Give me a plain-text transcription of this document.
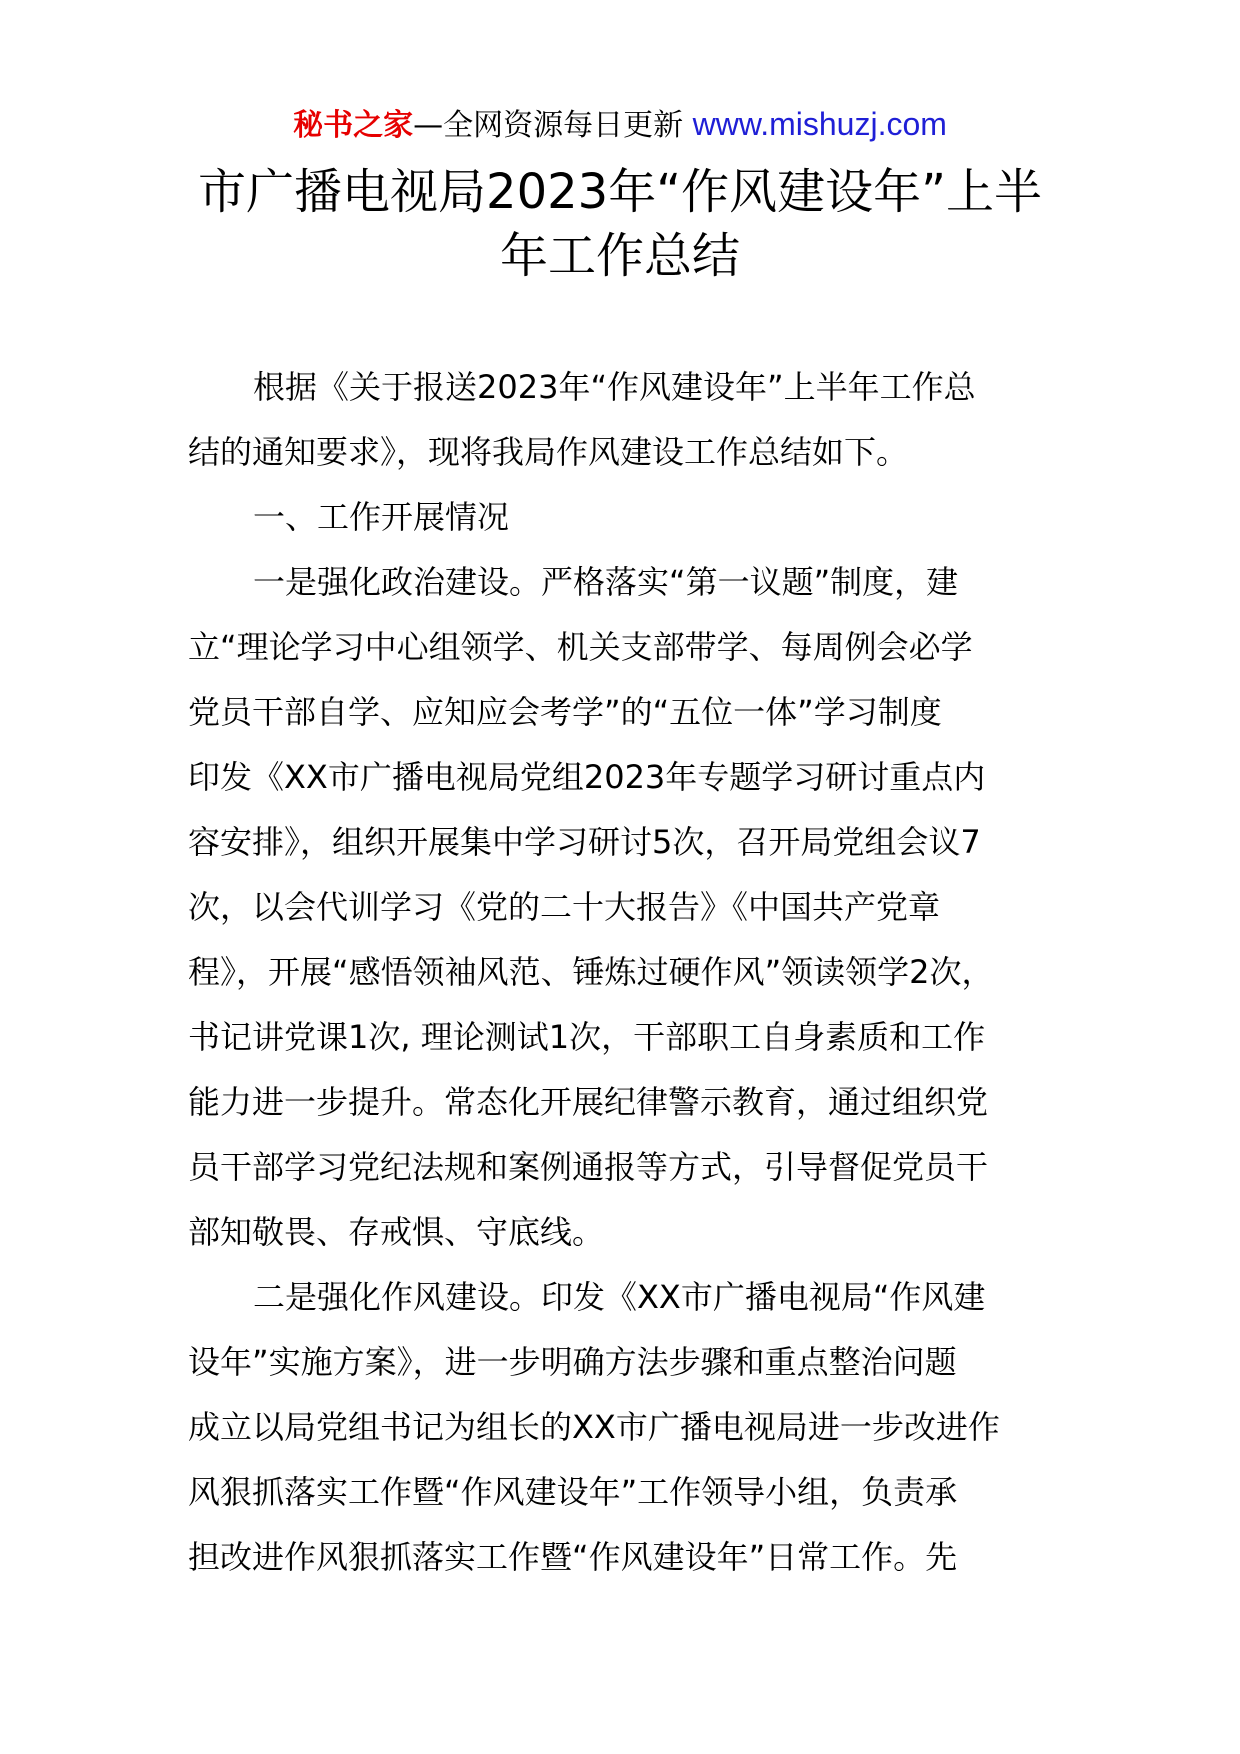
秘书之家—全网资源每日更新 www.mishuzj.com
市广播电视局2023年“作风建设年”上半
年工作总结
根据《关于报送2023年“作风建设年”上半年工作总
结的通知要求》，现将我局作风建设工作总结如下。
一、工作开展情况
一是强化政治建设。严格落实“第一议题”制度，建
立“理论学习中心组领学、机关支部带学、每周例会必学
党员干部自学、应知应会考学”的“五位一体”学习制度
印发《XX市广播电视局党组2023年专题学习研讨重点内
容安排》，组织开展集中学习研讨5次，召开局党组会议7
次，以会代训学习《党的二十大报告》《中国共产党章
程》，开展“感悟领袖风范、锤炼过硬作风”领读领学2次，
书记讲党课1次, 理论测试1次，干部职工自身素质和工作
能力进一步提升。常态化开展纪律警示教育，通过组织党
员干部学习党纪法规和案例通报等方式，引导督促党员干
部知敬畏、存戒惧、守底线。
二是强化作风建设。印发《XX市广播电视局“作风建
设年”实施方案》，进一步明确方法步骤和重点整治问题
成立以局党组书记为组长的XX市广播电视局进一步改进作
风狠抓落实工作暨“作风建设年”工作领导小组，负责承
担改进作风狠抓落实工作暨“作风建设年”日常工作。先
